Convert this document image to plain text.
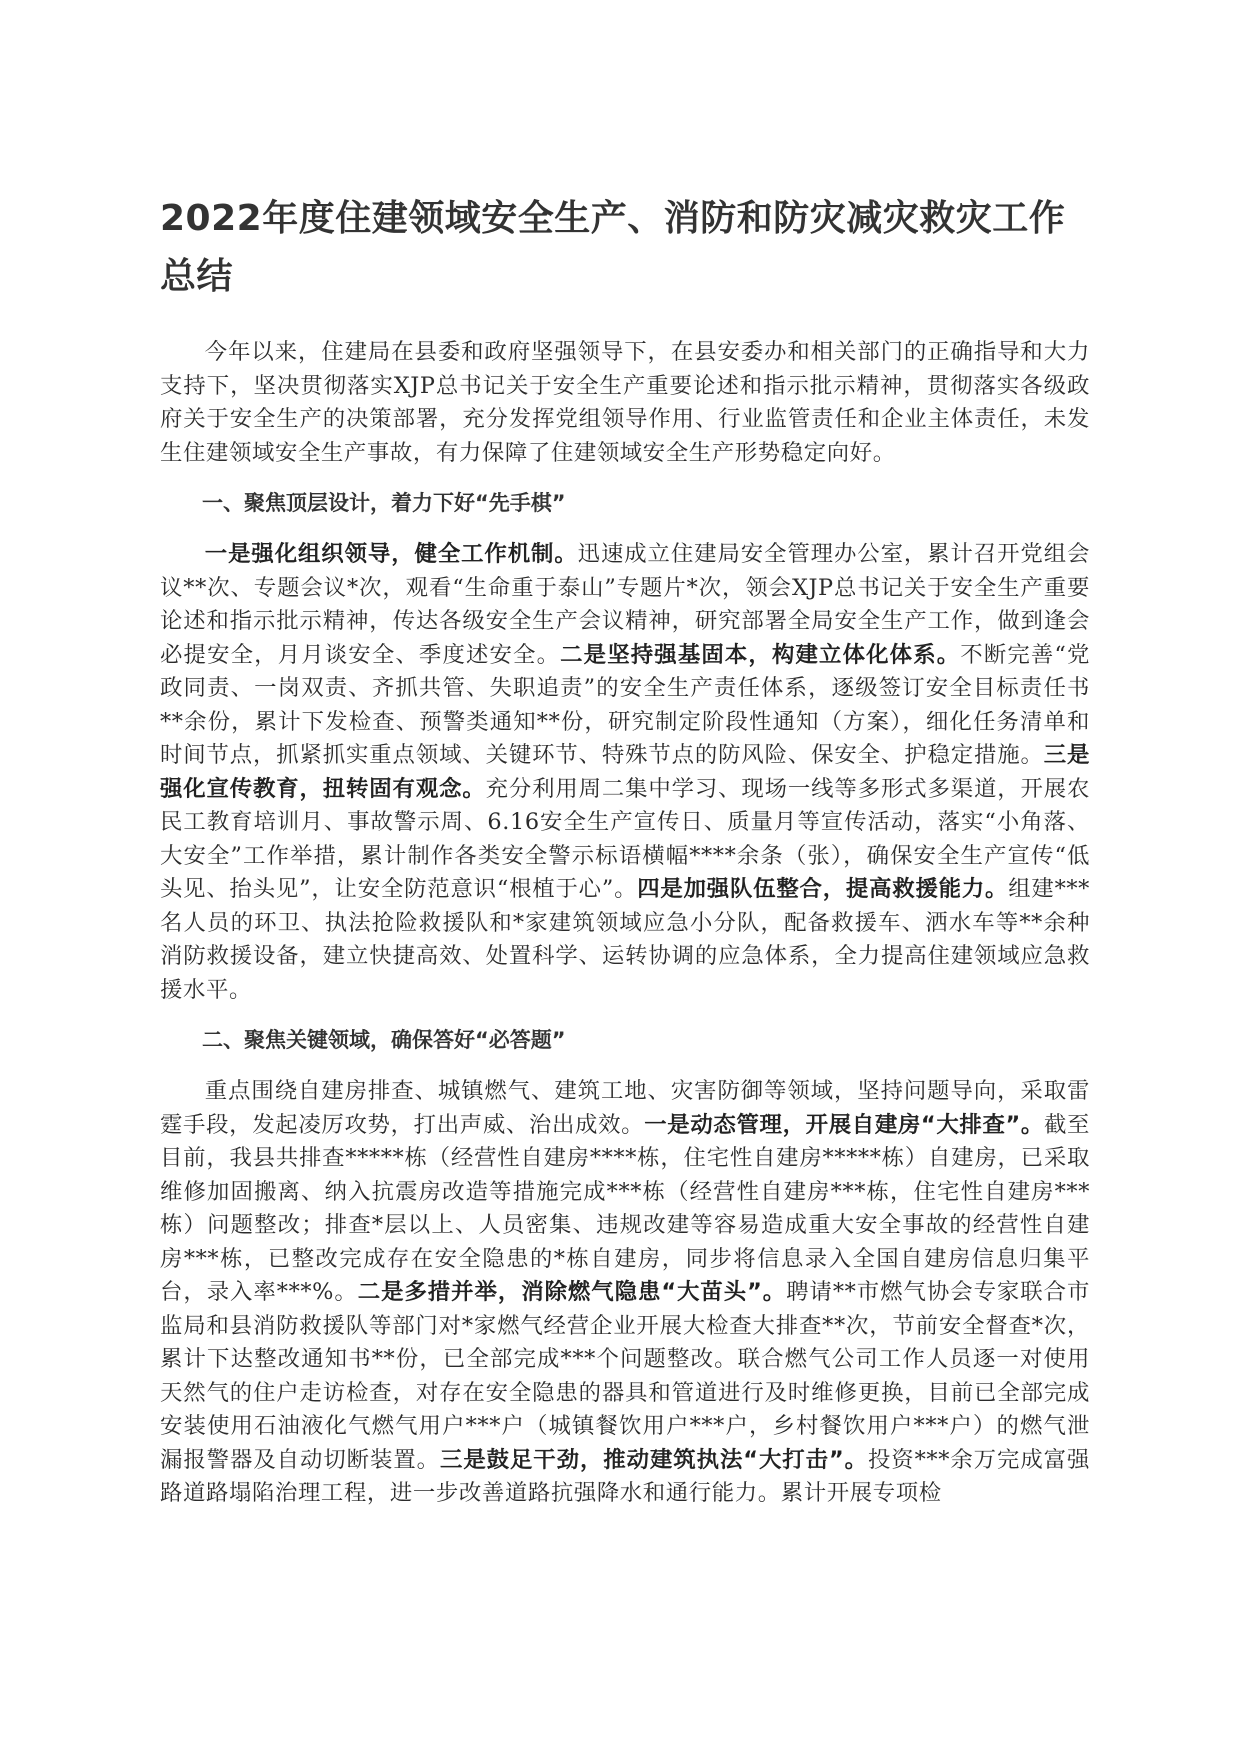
2022年度住建领域安全生产、消防和防灾减灾救灾工作总结

今年以来，住建局在县委和政府坚强领导下，在县安委办和相关部门的正确指导和大力支持下，坚决贯彻落实XJP总书记关于安全生产重要论述和指示批示精神，贯彻落实各级政府关于安全生产的决策部署，充分发挥党组领导作用、行业监管责任和企业主体责任，未发生住建领域安全生产事故，有力保障了住建领域安全生产形势稳定向好。

一、聚焦顶层设计，着力下好“先手棋”

一是强化组织领导，健全工作机制。迅速成立住建局安全管理办公室，累计召开党组会议**次、专题会议*次，观看“生命重于泰山”专题片*次，领会XJP总书记关于安全生产重要论述和指示批示精神，传达各级安全生产会议精神，研究部署全局安全生产工作，做到逢会必提安全，月月谈安全、季度述安全。二是坚持强基固本，构建立体化体系。不断完善“党政同责、一岗双责、齐抓共管、失职追责”的安全生产责任体系，逐级签订安全目标责任书**余份，累计下发检查、预警类通知**份，研究制定阶段性通知（方案），细化任务清单和时间节点，抓紧抓实重点领域、关键环节、特殊节点的防风险、保安全、护稳定措施。三是强化宣传教育，扭转固有观念。充分利用周二集中学习、现场一线等多形式多渠道，开展农民工教育培训月、事故警示周、6.16安全生产宣传日、质量月等宣传活动，落实“小角落、大安全”工作举措，累计制作各类安全警示标语横幅****余条（张），确保安全生产宣传“低头见、抬头见”，让安全防范意识“根植于心”。四是加强队伍整合，提高救援能力。组建***名人员的环卫、执法抢险救援队和*家建筑领域应急小分队，配备救援车、洒水车等**余种消防救援设备，建立快捷高效、处置科学、运转协调的应急体系，全力提高住建领域应急救援水平。

二、聚焦关键领域，确保答好“必答题”

重点围绕自建房排查、城镇燃气、建筑工地、灾害防御等领域，坚持问题导向，采取雷霆手段，发起凌厉攻势，打出声威、治出成效。一是动态管理，开展自建房“大排查”。截至目前，我县共排查*****栋（经营性自建房****栋，住宅性自建房*****栋）自建房，已采取维修加固搬离、纳入抗震房改造等措施完成***栋（经营性自建房***栋，住宅性自建房***栋）问题整改；排查*层以上、人员密集、违规改建等容易造成重大安全事故的经营性自建房***栋，已整改完成存在安全隐患的*栋自建房，同步将信息录入全国自建房信息归集平台，录入率***%。二是多措并举，消除燃气隐患“大苗头”。聘请**市燃气协会专家联合市监局和县消防救援队等部门对*家燃气经营企业开展大检查大排查**次，节前安全督查*次，累计下达整改通知书**份，已全部完成***个问题整改。联合燃气公司工作人员逐一对使用天然气的住户走访检查，对存在安全隐患的器具和管道进行及时维修更换，目前已全部完成安装使用石油液化气燃气用户***户（城镇餐饮用户***户，乡村餐饮用户***户）的燃气泄漏报警器及自动切断装置。三是鼓足干劲，推动建筑执法“大打击”。投资***余万完成富强路道路塌陷治理工程，进一步改善道路抗强降水和通行能力。累计开展专项检
